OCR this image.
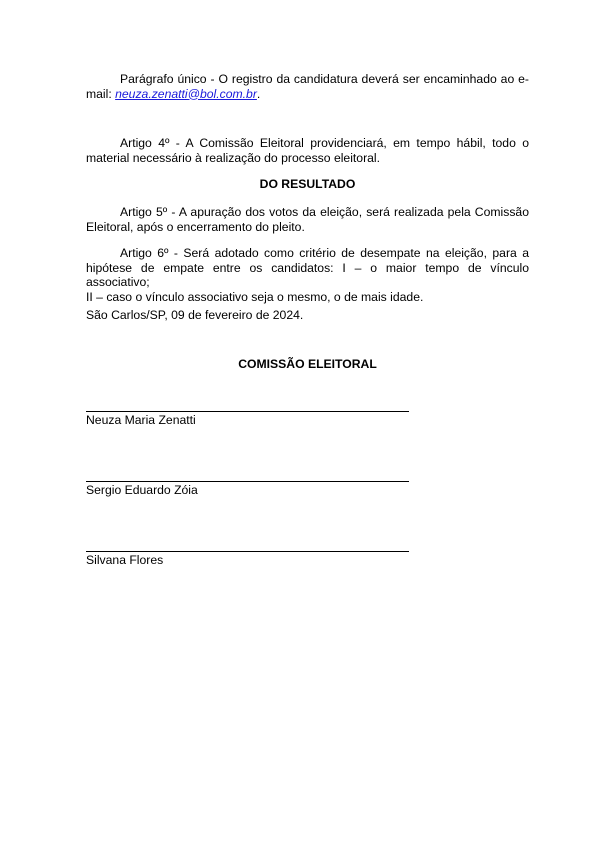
Parágrafo único - O registro da candidatura deverá ser encaminhado ao e-mail: neuza.zenatti@bol.com.br.

Artigo 4º - A Comissão Eleitoral providenciará, em tempo hábil, todo o material necessário à realização do processo eleitoral.

DO RESULTADO

Artigo 5º - A apuração dos votos da eleição, será realizada pela Comissão Eleitoral, após o encerramento do pleito.

Artigo 6º - Será adotado como critério de desempate na eleição, para a hipótese de empate entre os candidatos: I – o maior tempo de vínculo associativo;

II – caso o vínculo associativo seja o mesmo, o de mais idade.

São Carlos/SP, 09 de fevereiro de 2024.
COMISSÃO ELEITORAL
Neuza Maria Zenatti
Sergio Eduardo Zóia
Silvana Flores
